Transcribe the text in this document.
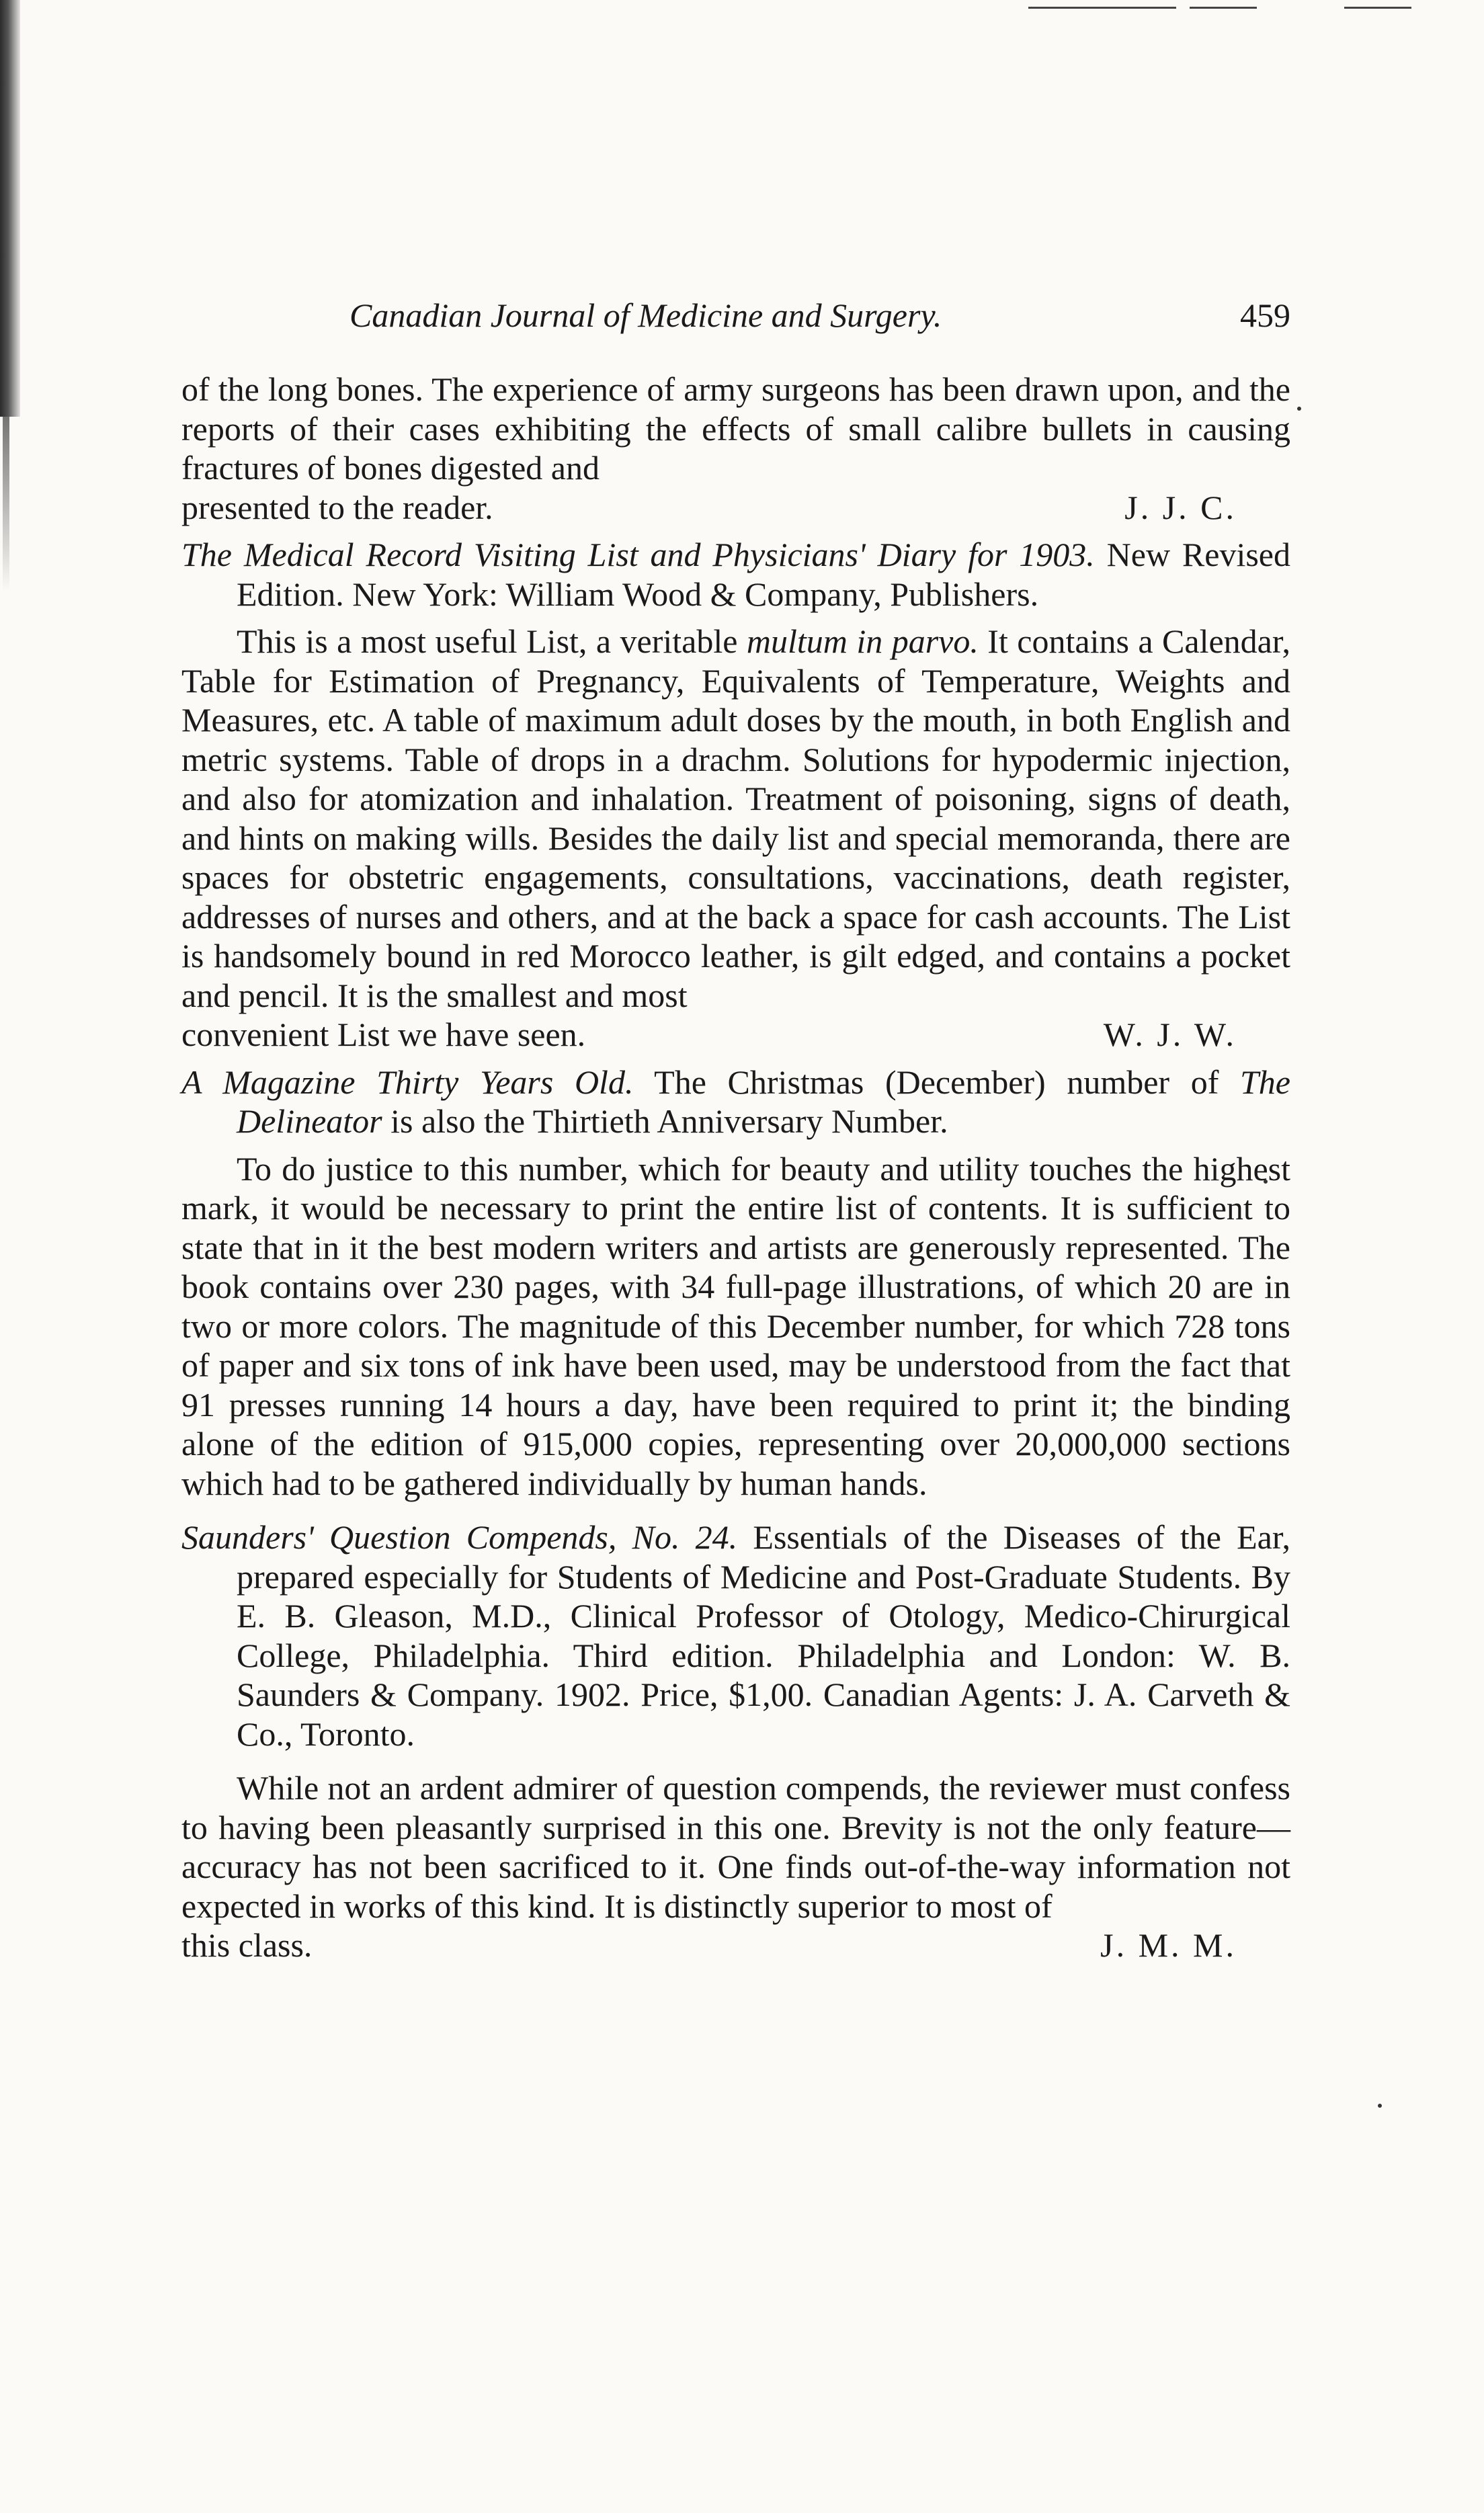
Canadian Journal of Medicine and Surgery.	459

of the long bones. The experience of army surgeons has been drawn upon, and the reports of their cases exhibiting the effects of small calibre bullets in causing fractures of bones digested and

presented to the reader.	J. J. C.

The Medical Record Visiting List and Physicians' Diary for 1903. New Revised Edition. New York: William Wood & Company, Publishers.

This is a most useful List, a veritable multum in parvo. It contains a Calendar, Table for Estimation of Pregnancy, Equivalents of Temperature, Weights and Measures, etc. A table of maximum adult doses by the mouth, in both English and metric systems. Table of drops in a drachm. Solutions for hypodermic injection, and also for atomization and inhalation. Treatment of poisoning, signs of death, and hints on making wills. Besides the daily list and special memoranda, there are spaces for obstetric engagements, consultations, vaccinations, death register, addresses of nurses and others, and at the back a space for cash accounts. The List is handsomely bound in red Morocco leather, is gilt edged, and contains a pocket and pencil. It is the smallest and most

convenient List we have seen.	W. J. W.

A Magazine Thirty Years Old. The Christmas (December) number of The Delineator is also the Thirtieth Anniversary Number.

To do justice to this number, which for beauty and utility touches the highest mark, it would be necessary to print the entire list of contents. It is sufficient to state that in it the best modern writers and artists are generously represented. The book contains over 230 pages, with 34 full-page illustrations, of which 20 are in two or more colors. The magnitude of this December number, for which 728 tons of paper and six tons of ink have been used, may be understood from the fact that 91 presses running 14 hours a day, have been required to print it; the binding alone of the edition of 915,000 copies, representing over 20,000,000 sections which had to be gathered individually by human hands.

Saunders' Question Compends, No. 24. Essentials of the Diseases of the Ear, prepared especially for Students of Medicine and Post-Graduate Students. By E. B. Gleason, M.D., Clinical Professor of Otology, Medico-Chirurgical College, Philadelphia. Third edition. Philadelphia and London: W. B. Saunders & Company. 1902. Price, $1,00. Canadian Agents: J. A. Carveth & Co., Toronto.

While not an ardent admirer of question compends, the reviewer must confess to having been pleasantly surprised in this one. Brevity is not the only feature—accuracy has not been sacrificed to it. One finds out-of-the-way information not expected in works of this kind. It is distinctly superior to most of

this class.	J. M. M.
